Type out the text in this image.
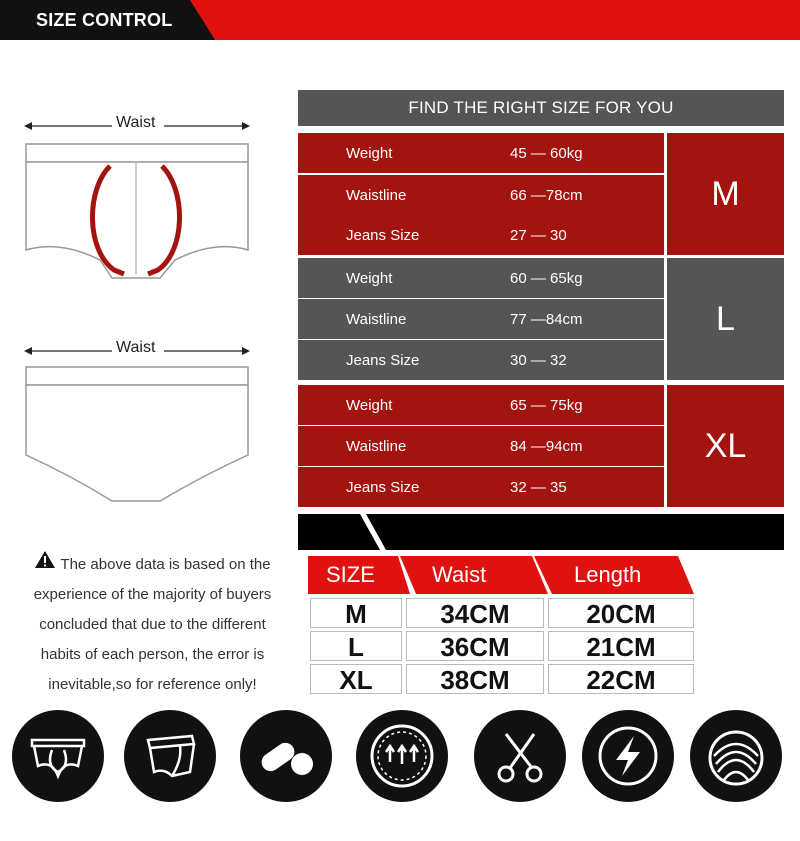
SIZE CONTROL
Waist
Waist
FIND THE RIGHT SIZE FOR YOU
Weight	45 — 60kg
Waistline	66 —78cm
Jeans Size	27 — 30
M
Weight	60 — 65kg
Waistline	77 —84cm
Jeans Size	30 — 32
L
Weight	65 — 75kg
Waistline	84 —94cm
Jeans Size	32 — 35
XL
The above data is based on the
experience of the majority of buyers
concluded that due to the different
habits of each person, the error is
inevitable,so for reference only!
SIZE	Waist	Length
M	34CM	20CM
L	36CM	21CM
XL	38CM	22CM
